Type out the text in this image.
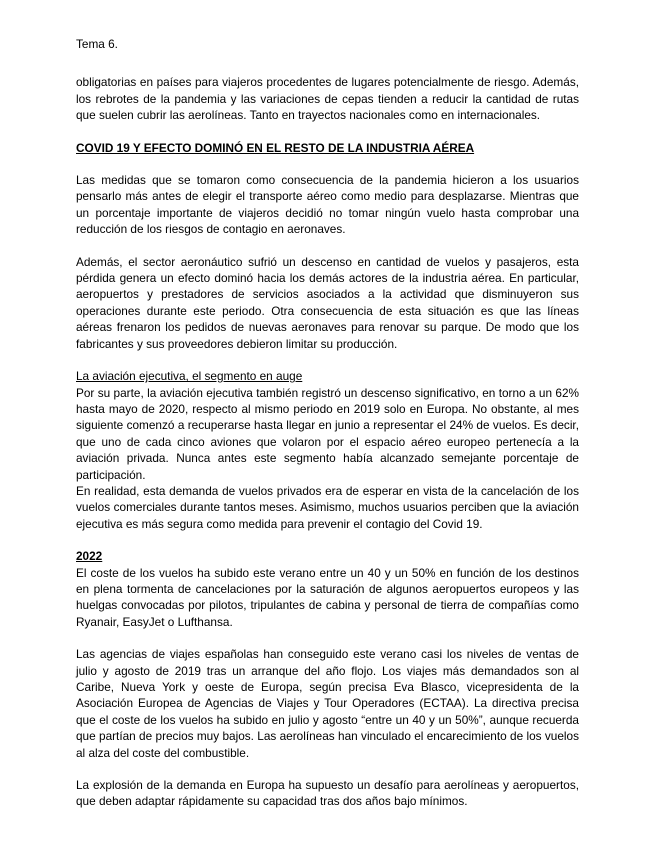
Tema 6.

obligatorias en países para viajeros procedentes de lugares potencialmente de riesgo. Además, los rebrotes de la pandemia y las variaciones de cepas tienden a reducir la cantidad de rutas que suelen cubrir las aerolíneas. Tanto en trayectos nacionales como en internacionales.

COVID 19 Y EFECTO DOMINÓ EN EL RESTO DE LA INDUSTRIA AÉREA

Las medidas que se tomaron como consecuencia de la pandemia hicieron a los usuarios pensarlo más antes de elegir el transporte aéreo como medio para desplazarse. Mientras que un porcentaje importante de viajeros decidió no tomar ningún vuelo hasta comprobar una reducción de los riesgos de contagio en aeronaves.

Además, el sector aeronáutico sufrió un descenso en cantidad de vuelos y pasajeros, esta pérdida genera un efecto dominó hacia los demás actores de la industria aérea. En particular, aeropuertos y prestadores de servicios asociados a la actividad que disminuyeron sus operaciones durante este periodo. Otra consecuencia de esta situación es que las líneas aéreas frenaron los pedidos de nuevas aeronaves para renovar su parque. De modo que los fabricantes y sus proveedores debieron limitar su producción.

La aviación ejecutiva, el segmento en auge

Por su parte, la aviación ejecutiva también registró un descenso significativo, en torno a un 62% hasta mayo de 2020, respecto al mismo periodo en 2019 solo en Europa. No obstante, al mes siguiente comenzó a recuperarse hasta llegar en junio a representar el 24% de vuelos. Es decir, que uno de cada cinco aviones que volaron por el espacio aéreo europeo pertenecía a la aviación privada. Nunca antes este segmento había alcanzado semejante porcentaje de participación.

En realidad, esta demanda de vuelos privados era de esperar en vista de la cancelación de los vuelos comerciales durante tantos meses. Asimismo, muchos usuarios perciben que la aviación ejecutiva es más segura como medida para prevenir el contagio del Covid 19.

2022

El coste de los vuelos ha subido este verano entre un 40 y un 50% en función de los destinos en plena tormenta de cancelaciones por la saturación de algunos aeropuertos europeos y las huelgas convocadas por pilotos, tripulantes de cabina y personal de tierra de compañías como Ryanair, EasyJet o Lufthansa.

Las agencias de viajes españolas han conseguido este verano casi los niveles de ventas de julio y agosto de 2019 tras un arranque del año flojo. Los viajes más demandados son al Caribe, Nueva York y oeste de Europa, según precisa Eva Blasco, vicepresidenta de la Asociación Europea de Agencias de Viajes y Tour Operadores (ECTAA). La directiva precisa que el coste de los vuelos ha subido en julio y agosto “entre un 40 y un 50%”, aunque recuerda que partían de precios muy bajos. Las aerolíneas han vinculado el encarecimiento de los vuelos al alza del coste del combustible.

La explosión de la demanda en Europa ha supuesto un desafío para aerolíneas y aeropuertos, que deben adaptar rápidamente su capacidad tras dos años bajo mínimos.
